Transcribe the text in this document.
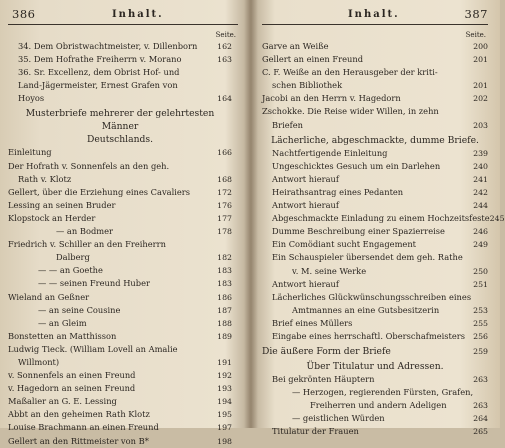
386	Inhalt.
Seite.
34. Dem Obristwachtmeister, v. Dillenborn	162
35. Dem Hofrathe Freiherrn v. Morano	163
36. Sr. Excellenz, dem Obrist Hof- und
Land-Jägermeister, Ernest Grafen von
Hoyos	164
Musterbriefe mehrerer der gelehrtesten Männer
Deutschlands.
Einleitung	166
Der Hofrath v. Sonnenfels an den geh.
Rath v. Klotz	168
Gellert, über die Erziehung eines Cavaliers	172
Lessing an seinen Bruder	176
Klopstock an Herder	177
— an Bodmer	178
Friedrich v. Schiller an den Freiherrn
Dalberg	182
— — an Goethe	183
— — seinen Freund Huber	183
Wieland an Geßner	186
— an seine Cousine	187
— an Gleim	188
Bonstetten an Matthisson	189
Ludwig Tieck. (William Lovell an Amalie
Willmont)	191
v. Sonnenfels an einen Freund	192
v. Hagedorn an seinen Freund	193
Maßalier an G. E. Lessing	194
Abbt an den geheimen Rath Klotz	195
Louise Brachmann an einen Freund	197
Gellert an den Rittmeister von B*	198
Inhalt.	387
Seite.
Garve an Weiße	200
Gellert an einen Freund	201
C. F. Weiße an den Herausgeber der kriti-
schen Bibliothek	201
Jacobi an den Herrn v. Hagedorn	202
Zschokke. Die Reise wider Willen, in zehn
Briefen	203
Lächerliche, abgeschmackte, dumme Briefe.
Nachtfertigende Einleitung	239
Ungeschicktes Gesuch um ein Darlehen	240
Antwort hierauf	241
Heirathsantrag eines Pedanten	242
Antwort hierauf	244
Abgeschmackte Einladung zu einem Hochzeitsfeste 245
Dumme Beschreibung einer Spazierreise	246
Ein Comödiant sucht Engagement	249
Ein Schauspieler übersendet dem geh. Rathe
v. M. seine Werke	250
Antwort hierauf	251
Lächerliches Glückwünschungsschreiben eines
Amtmannes an eine Gutsbesitzerin	253
Brief eines Müllers	255
Eingabe eines herrschaftl. Oberschafmeisters	256
Die äußere Form der Briefe	259
Über Titulatur und Adressen.
Bei gekrönten Häuptern	263
— Herzogen, regierenden Fürsten, Grafen,
Freiherren und andern Adeligen	263
— geistlichen Würden	264
Titulatur der Frauen	265
